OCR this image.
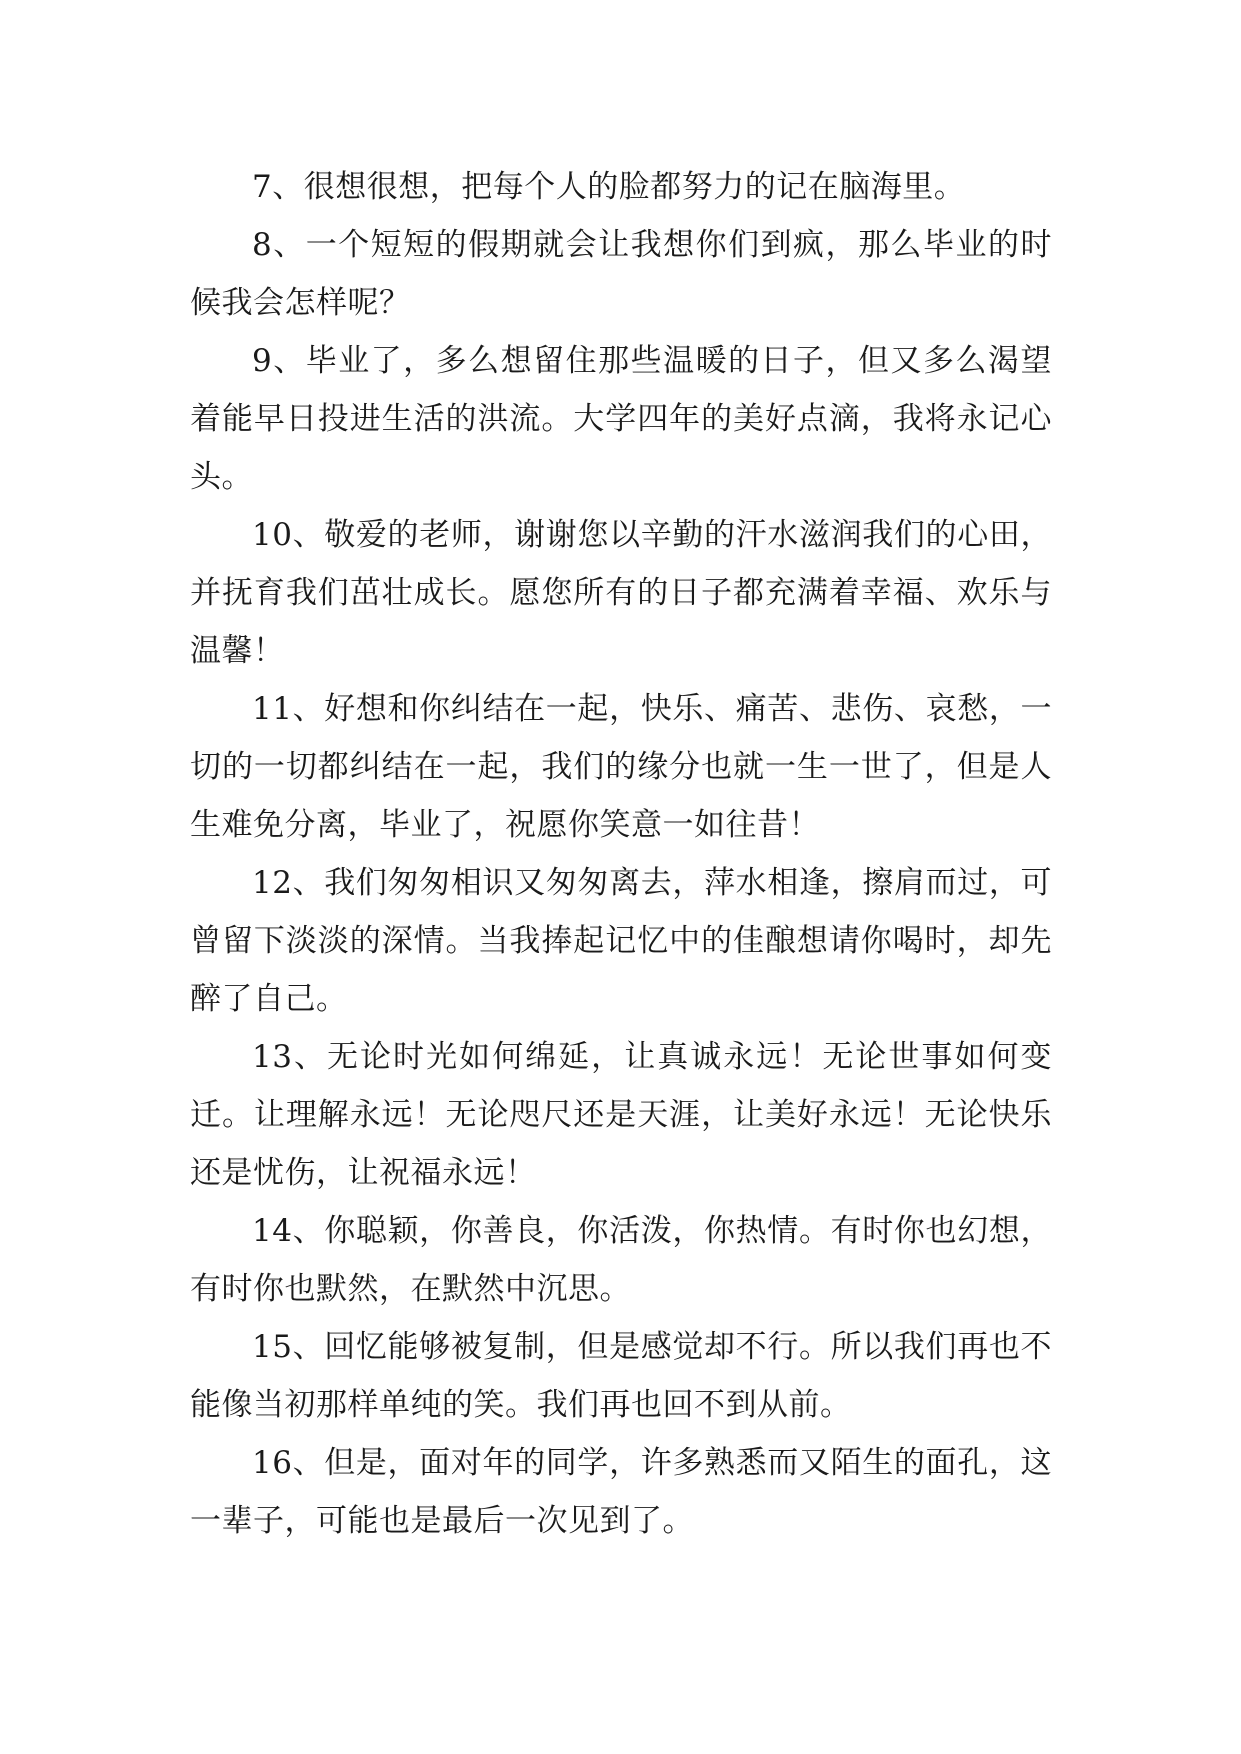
7、很想很想，把每个人的脸都努力的记在脑海里。

8、一个短短的假期就会让我想你们到疯，那么毕业的时候我会怎样呢？

9、毕业了，多么想留住那些温暖的日子，但又多么渴望着能早日投进生活的洪流。大学四年的美好点滴，我将永记心头。

10、敬爱的老师，谢谢您以辛勤的汗水滋润我们的心田，并抚育我们茁壮成长。愿您所有的日子都充满着幸福、欢乐与温馨！

11、好想和你纠结在一起，快乐、痛苦、悲伤、哀愁，一切的一切都纠结在一起，我们的缘分也就一生一世了，但是人生难免分离，毕业了，祝愿你笑意一如往昔！

12、我们匆匆相识又匆匆离去，萍水相逢，擦肩而过，可曾留下淡淡的深情。当我捧起记忆中的佳酿想请你喝时，却先醉了自己。

13、无论时光如何绵延，让真诚永远！无论世事如何变迁。让理解永远！无论咫尺还是天涯，让美好永远！无论快乐还是忧伤，让祝福永远！

14、你聪颖，你善良，你活泼，你热情。有时你也幻想，有时你也默然，在默然中沉思。

15、回忆能够被复制，但是感觉却不行。所以我们再也不能像当初那样单纯的笑。我们再也回不到从前。

16、但是，面对年的同学，许多熟悉而又陌生的面孔，这一辈子，可能也是最后一次见到了。
